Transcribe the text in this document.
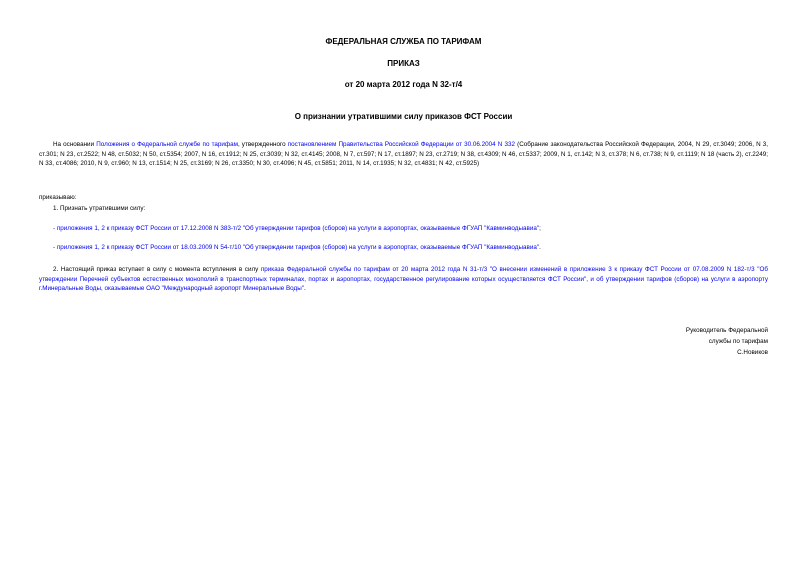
ФЕДЕРАЛЬНАЯ СЛУЖБА ПО ТАРИФАМ

ПРИКАЗ

от 20 марта 2012 года N 32-т/4

О признании утратившими силу приказов ФСТ России

На основании Положения о Федеральной службе по тарифам, утвержденного постановлением Правительства Российской Федерации от 30.06.2004 N 332 (Собрание законодательства Российской Федерации, 2004, N 29, ст.3049; 2006, N 3, ст.301; N 23, ст.2522; N 48, ст.5032; N 50, ст.5354; 2007, N 16, ст.1912; N 25, ст.3039; N 32, ст.4145; 2008, N 7, ст.597; N 17, ст.1897; N 23, ст.2719; N 38, ст.4309; N 46, ст.5337; 2009, N 1, ст.142; N 3, ст.378; N 6, ст.738; N 9, ст.1119; N 18 (часть 2), ст.2249; N 33, ст.4086; 2010, N 9, ст.960; N 13, ст.1514; N 25, ст.3169; N 26, ст.3350; N 30, ст.4096; N 45, ст.5851; 2011, N 14, ст.1935; N 32, ст.4831; N 42, ст.5925)

приказываю:

1. Признать утратившими силу:

- приложения 1, 2 к приказу ФСТ России от 17.12.2008 N 383-т/2 "Об утверждении тарифов (сборов) на услуги в аэропортах, оказываемые ФГУАП "Кавминводыавиа";

- приложения 1, 2 к приказу ФСТ России от 18.03.2009 N 54-т/10 "Об утверждении тарифов (сборов) на услуги в аэропортах, оказываемые ФГУАП "Кавминводыавиа".

2. Настоящий приказ вступает в силу с момента вступления в силу приказа Федеральной службы по тарифам от 20 марта 2012 года N 31-т/3 "О внесении изменений в приложение 3 к приказу ФСТ России от 07.08.2009 N 182-т/3 "Об утверждении Перечней субъектов естественных монополий в транспортных терминалах, портах и аэропортах, государственное регулирование которых осуществляется ФСТ России", и об утверждении тарифов (сборов) на услуги в аэропорту г.Минеральные Воды, оказываемые ОАО "Международный аэропорт Минеральные Воды".

Руководитель Федеральной

службы по тарифам

С.Новиков
